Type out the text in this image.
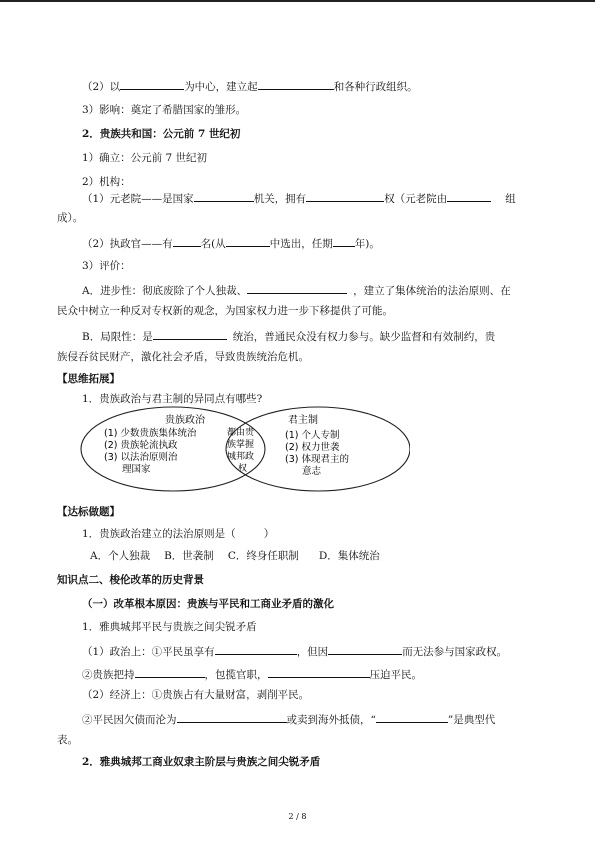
（2）以	为中心，建立起	和各种行政组织。
3）影响：奠定了希腊国家的雏形。
2．贵族共和国：公元前 7 世纪初
1）确立：公元前 7 世纪初
2）机构：
（1）元老院——是国家	机关，拥有	权（元老院由	组
成）。
（2）执政官——有	名(从	中选出，任期 年)。
3）评价：
A．进步性：彻底废除了个人独裁、	，建立了集体统治的法治原则、在
民众中树立一种反对专权新的观念，为国家权力进一步下移提供了可能。
B．局限性：是	统治，普通民众没有权力参与。缺少监督和有效制约，贵
族侵吞贫民财产，激化社会矛盾，导致贵族统治危机。
【思维拓展】
1．贵族政治与君主制的异同点有哪些?
贵族政治
(1) 少数贵族集体统治
(2) 贵族轮流执政
(3) 以法治原则治
理国家
都由贵
族掌握
城邦政
权
君主制
(1) 个人专制
(2) 权力世袭
(3) 体现君主的
意志
【达标做题】
1．贵族政治建立的法治原则是（	）
A．个人独裁 B．世袭制 C．终身任职制 D．集体统治
知识点二、梭伦改革的历史背景
（一）改革根本原因：贵族与平民和工商业矛盾的激化
1．雅典城邦平民与贵族之间尖锐矛盾
（1）政治上：①平民虽享有	，但因	而无法参与国家政权。
②贵族把持	，包揽官职，	压迫平民。
（2）经济上：①贵族占有大量财富，剥削平民。
②平民因欠债而沦为	或卖到海外抵债，“	”是典型代
表。
2．雅典城邦工商业奴隶主阶层与贵族之间尖锐矛盾
2 / 8
